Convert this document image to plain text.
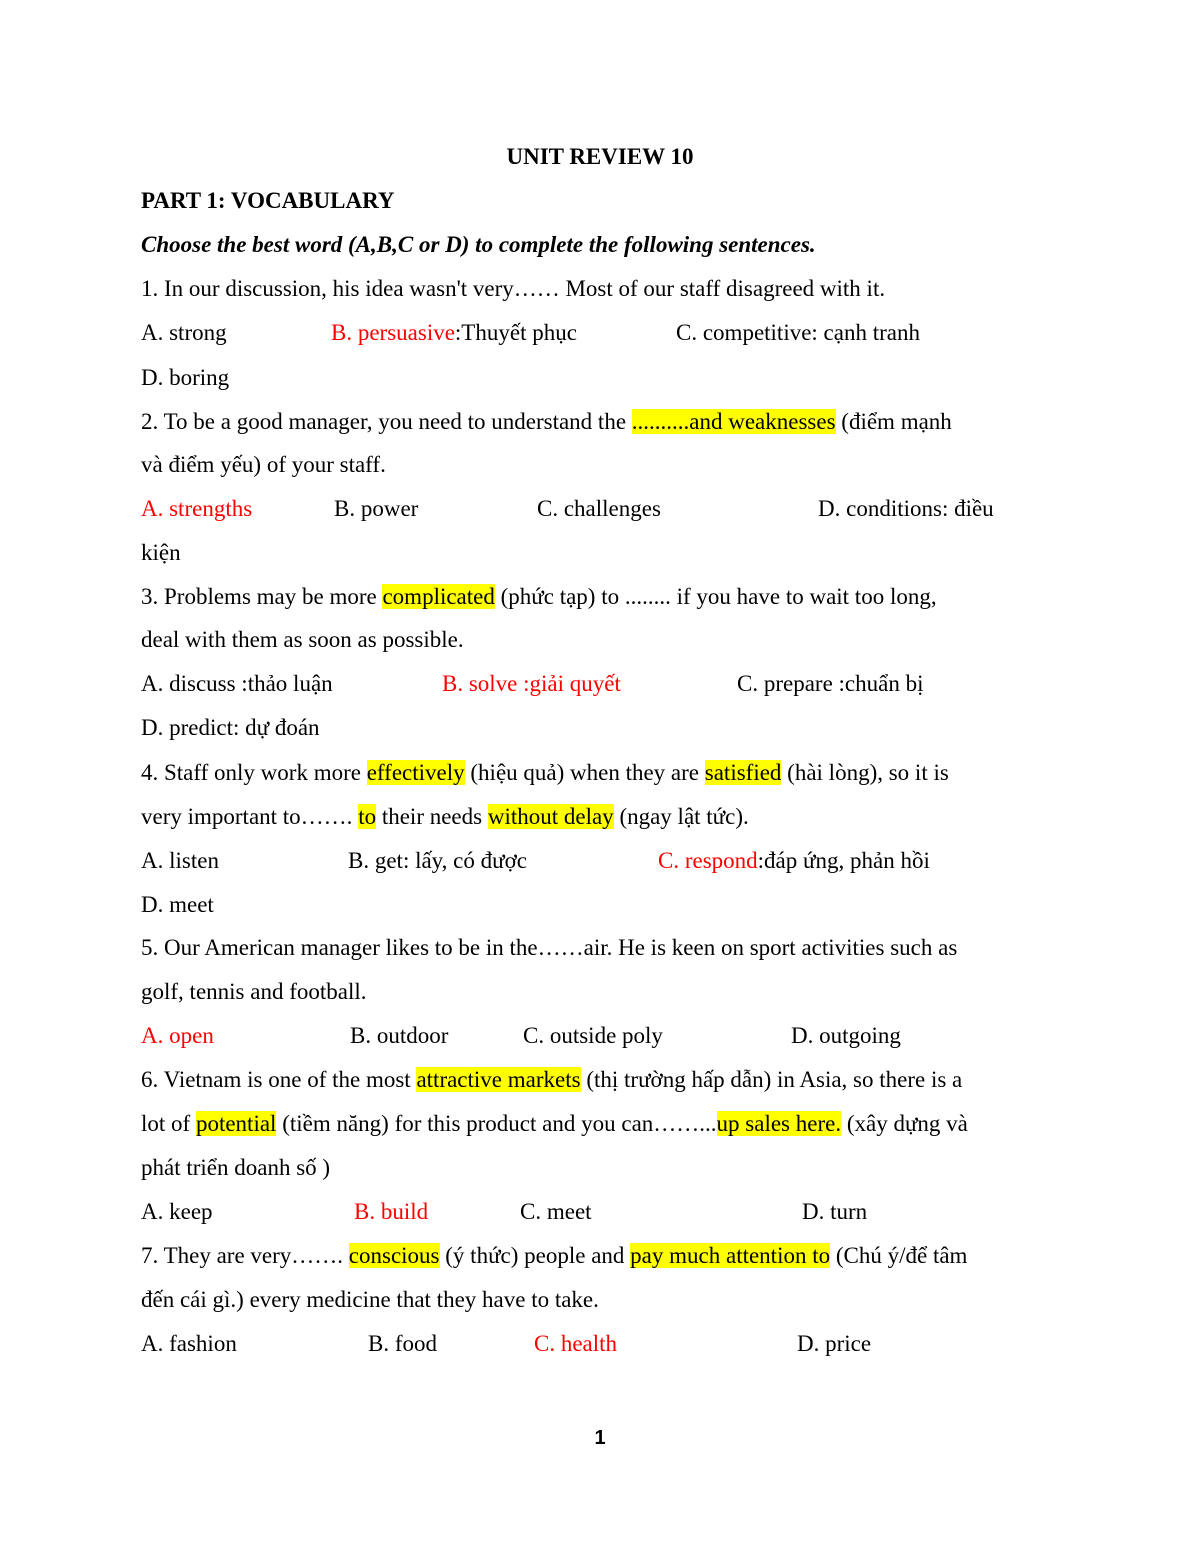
UNIT REVIEW 10
PART 1: VOCABULARY
Choose the best word (A,B,C or D) to complete the following sentences.
1. In our discussion, his idea wasn't very…… Most of our staff disagreed with it.
A. strong	B. persuasive:Thuyết phục	C. competitive: cạnh tranh
D. boring
2. To be a good manager, you need to understand the ..........and weaknesses (điểm mạnh
và điểm yếu) of your staff.
A. strengths	B. power	C. challenges	D. conditions: điều
kiện
3. Problems may be more complicated (phức tạp) to ........ if you have to wait too long,
deal with them as soon as possible.
A. discuss :thảo luận	B. solve :giải quyết	C. prepare :chuẩn bị
D. predict: dự đoán
4. Staff only work more effectively (hiệu quả) when they are satisfied (hài lòng), so it is
very important to……. to their needs without delay (ngay lật tức).
A. listen	B. get: lấy, có được	C. respond:đáp ứng, phản hồi
D. meet
5. Our American manager likes to be in the……air. He is keen on sport activities such as
golf, tennis and football.
A. open	B. outdoor	C. outside poly	D. outgoing
6. Vietnam is one of the most attractive markets (thị trường hấp dẫn) in Asia, so there is a
lot of potential (tiềm năng) for this product and you can……...up sales here. (xây dựng và
phát triển doanh số )
A. keep	B. build	C. meet	D. turn
7. They are very……. conscious (ý thức) people and pay much attention to (Chú ý/để tâm
đến cái gì.) every medicine that they have to take.
A. fashion	B. food	C. health	D. price
1
